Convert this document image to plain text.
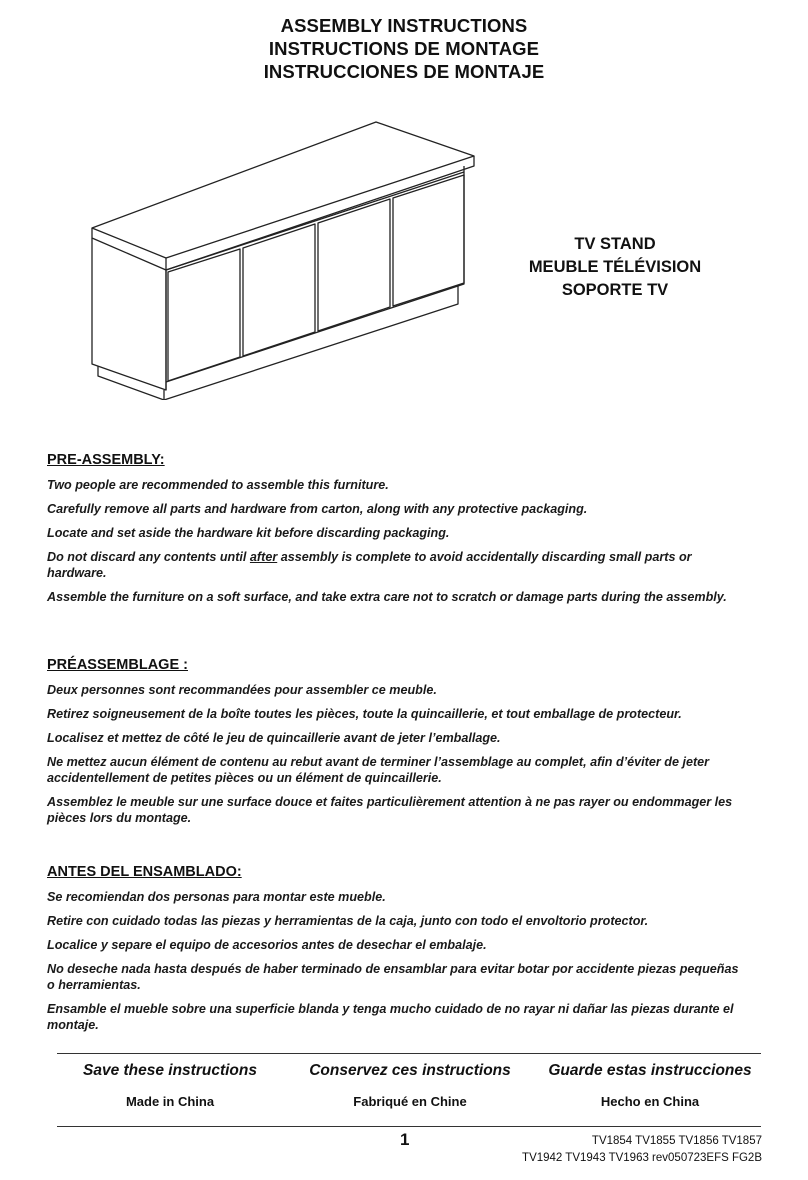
ASSEMBLY INSTRUCTIONS
INSTRUCTIONS DE MONTAGE
INSTRUCCIONES DE MONTAJE
TV STAND
MEUBLE TÉLÉVISION
SOPORTE TV
PRE-ASSEMBLY:
Two people are recommended to assemble this furniture.
Carefully remove all parts and hardware from carton, along with any protective packaging.
Locate and set aside the hardware kit before discarding packaging.
Do not discard any contents until after assembly is complete to avoid accidentally discarding small parts or hardware.
Assemble the furniture on a soft surface, and take extra care not to scratch or damage parts during the assembly.
PRÉASSEMBLAGE :
Deux personnes sont recommandées pour assembler ce meuble.
Retirez soigneusement de la boîte toutes les pièces, toute la quincaillerie, et tout emballage de protecteur.
Localisez et mettez de côté le jeu de quincaillerie avant de jeter l’emballage.
Ne mettez aucun élément de contenu au rebut avant de terminer l’assemblage au complet, afin d’éviter de jeter accidentellement de petites pièces ou un élément de quincaillerie.
Assemblez le meuble sur une surface douce et faites particulièrement attention à ne pas rayer ou endommager les pièces lors du montage.
ANTES DEL ENSAMBLADO:
Se recomiendan dos personas para montar este mueble.
Retire con cuidado todas las piezas y herramientas de la caja, junto con todo el envoltorio protector.
Localice y separe el equipo de accesorios antes de desechar el embalaje.
No deseche nada hasta después de haber terminado de ensamblar para evitar botar por accidente piezas pequeñas o herramientas.
Ensamble el mueble sobre una superficie blanda y tenga mucho cuidado de no rayar ni dañar las piezas durante el montaje.
Save these instructions	Conservez ces instructions	Guarde estas instrucciones
Made in China	Fabriqué en Chine	Hecho en China
1	TV1854 TV1855 TV1856 TV1857
TV1942 TV1943 TV1963 rev050723EFS FG2B
